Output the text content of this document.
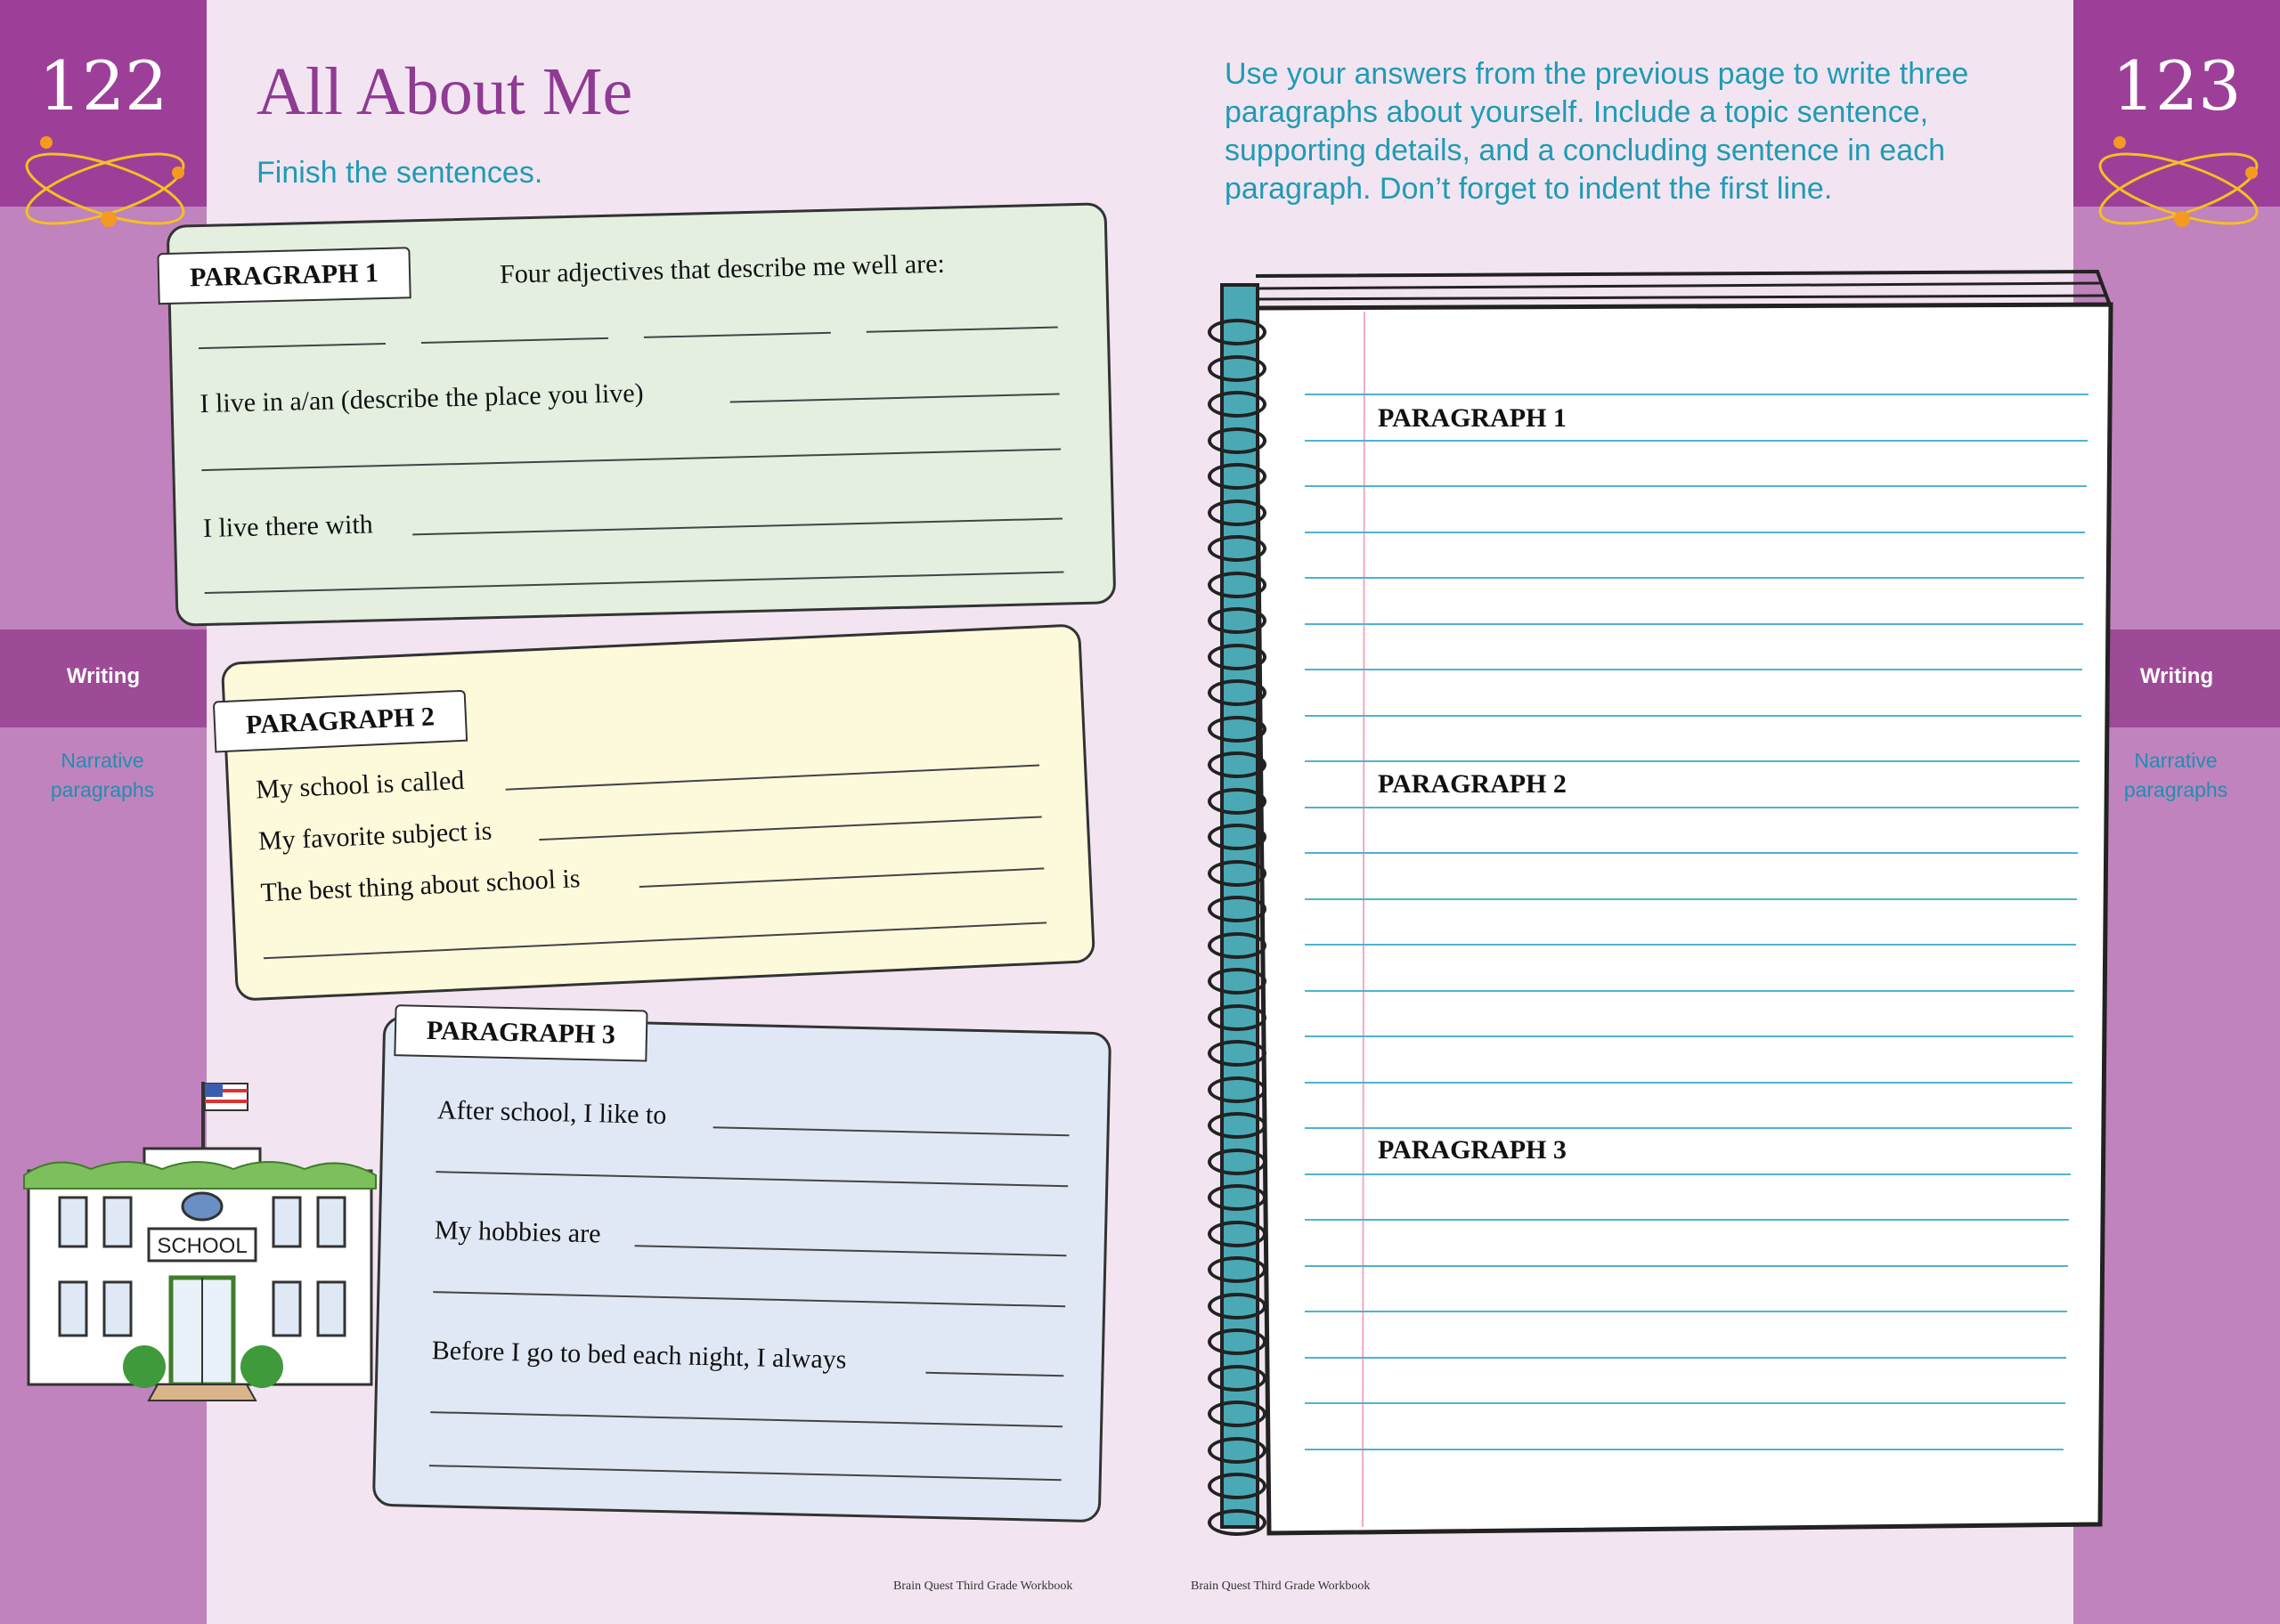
122
Writing
Narrative paragraphs
123
Writing
Narrative paragraphs
All About Me
Finish the sentences.
PARAGRAPH 1	Four adjectives that describe me well are:
I live in a/an (describe the place you live)
I live there with
PARAGRAPH 2
My school is called
My favorite subject is
The best thing about school is
PARAGRAPH 3
After school, I like to
My hobbies are
Before I go to bed each night, I always
SCHOOL
Brain Quest Third Grade Workbook
Use your answers from the previous page to write three paragraphs about yourself. Include a topic sentence, supporting details, and a concluding sentence in each paragraph. Don’t forget to indent the first line.
PARAGRAPH 1
PARAGRAPH 2
PARAGRAPH 3
Brain Quest Third Grade Workbook
